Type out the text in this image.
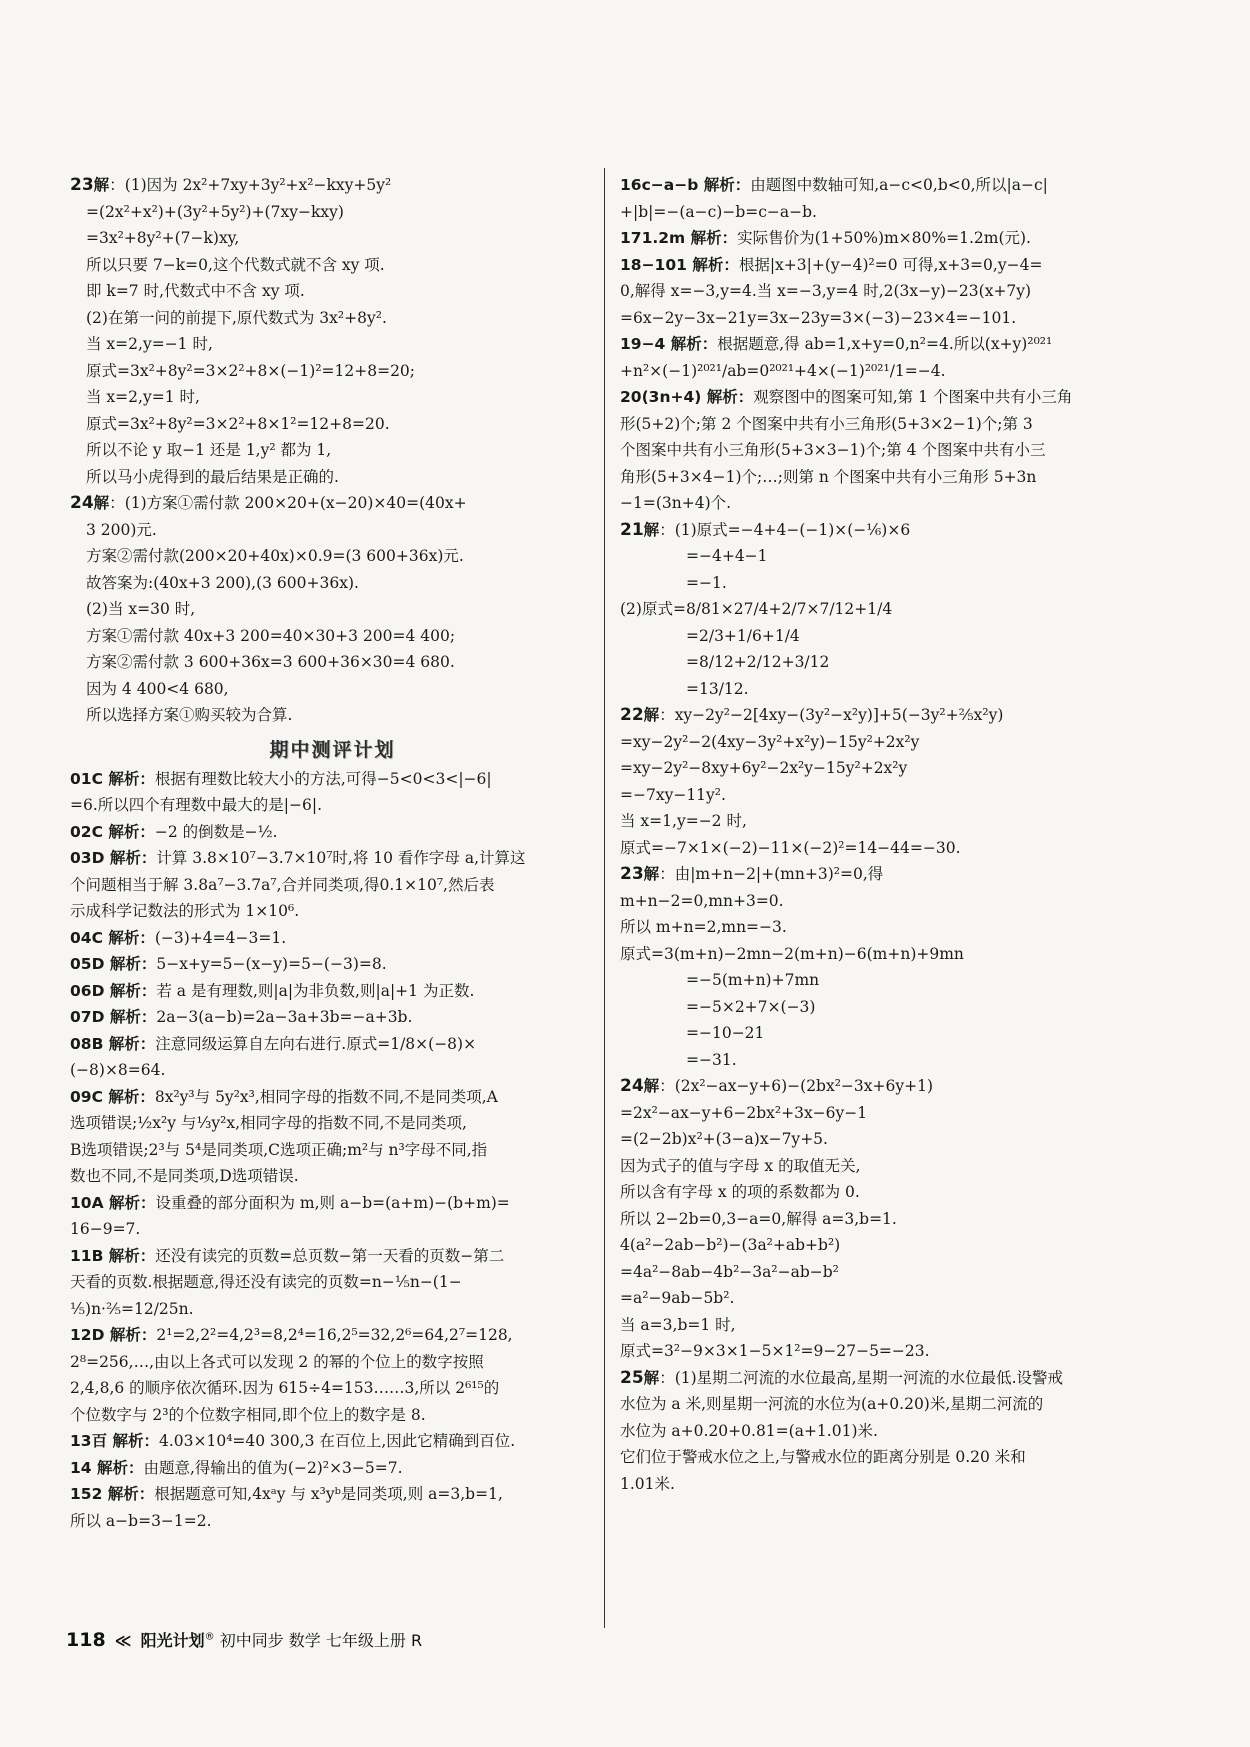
23解：(1)因为 2x²+7xy+3y²+x²−kxy+5y²
=(2x²+x²)+(3y²+5y²)+(7xy−kxy)
=3x²+8y²+(7−k)xy,
所以只要 7−k=0,这个代数式就不含 xy 项.
即 k=7 时,代数式中不含 xy 项.
(2)在第一问的前提下,原代数式为 3x²+8y².
当 x=2,y=−1 时,
原式=3x²+8y²=3×2²+8×(−1)²=12+8=20;
当 x=2,y=1 时,
原式=3x²+8y²=3×2²+8×1²=12+8=20.
所以不论 y 取−1 还是 1,y² 都为 1,
所以马小虎得到的最后结果是正确的.
24解：(1)方案①需付款 200×20+(x−20)×40=(40x+
3 200)元.
方案②需付款(200×20+40x)×0.9=(3 600+36x)元.
故答案为:(40x+3 200),(3 600+36x).
(2)当 x=30 时,
方案①需付款 40x+3 200=40×30+3 200=4 400;
方案②需付款 3 600+36x=3 600+36×30=4 680.
因为 4 400<4 680,
所以选择方案①购买较为合算.
期中测评计划
01C 解析：根据有理数比较大小的方法,可得−5<0<3<|−6|
=6.所以四个有理数中最大的是|−6|.
02C 解析：−2 的倒数是−½.
03D 解析：计算 3.8×10⁷−3.7×10⁷时,将 10 看作字母 a,计算这
个问题相当于解 3.8a⁷−3.7a⁷,合并同类项,得0.1×10⁷,然后表
示成科学记数法的形式为 1×10⁶.
04C 解析：(−3)+4=4−3=1.
05D 解析：5−x+y=5−(x−y)=5−(−3)=8.
06D 解析：若 a 是有理数,则|a|为非负数,则|a|+1 为正数.
07D 解析：2a−3(a−b)=2a−3a+3b=−a+3b.
08B 解析：注意同级运算自左向右进行.原式=1/8×(−8)×
(−8)×8=64.
09C 解析：8x²y³与 5y²x³,相同字母的指数不同,不是同类项,A
选项错误;½x²y 与⅓y²x,相同字母的指数不同,不是同类项,
B选项错误;2³与 5⁴是同类项,C选项正确;m²与 n³字母不同,指
数也不同,不是同类项,D选项错误.
10A 解析：设重叠的部分面积为 m,则 a−b=(a+m)−(b+m)=
16−9=7.
11B 解析：还没有读完的页数=总页数−第一天看的页数−第二
天看的页数.根据题意,得还没有读完的页数=n−⅕n−(1−
⅕)n·⅖=12/25n.
12D 解析：2¹=2,2²=4,2³=8,2⁴=16,2⁵=32,2⁶=64,2⁷=128,
2⁸=256,…,由以上各式可以发现 2 的幂的个位上的数字按照
2,4,8,6 的顺序依次循环.因为 615÷4=153……3,所以 2⁶¹⁵的
个位数字与 2³的个位数字相同,即个位上的数字是 8.
13百 解析：4.03×10⁴=40 300,3 在百位上,因此它精确到百位.
14 解析：由题意,得输出的值为(−2)²×3−5=7.
152 解析：根据题意可知,4xᵃy 与 x³yᵇ是同类项,则 a=3,b=1,
所以 a−b=3−1=2.
16c−a−b 解析：由题图中数轴可知,a−c<0,b<0,所以|a−c|
+|b|=−(a−c)−b=c−a−b.
171.2m 解析：实际售价为(1+50%)m×80%=1.2m(元).
18−101 解析：根据|x+3|+(y−4)²=0 可得,x+3=0,y−4=
0,解得 x=−3,y=4.当 x=−3,y=4 时,2(3x−y)−23(x+7y)
=6x−2y−3x−21y=3x−23y=3×(−3)−23×4=−101.
19−4 解析：根据题意,得 ab=1,x+y=0,n²=4.所以(x+y)²⁰²¹
+n²×(−1)²⁰²¹/ab=0²⁰²¹+4×(−1)²⁰²¹/1=−4.
20(3n+4) 解析：观察图中的图案可知,第 1 个图案中共有小三角
形(5+2)个;第 2 个图案中共有小三角形(5+3×2−1)个;第 3
个图案中共有小三角形(5+3×3−1)个;第 4 个图案中共有小三
角形(5+3×4−1)个;…;则第 n 个图案中共有小三角形 5+3n
−1=(3n+4)个.
21解：(1)原式=−4+4−(−1)×(−⅙)×6
=−4+4−1
=−1.
(2)原式=8/81×27/4+2/7×7/12+1/4
=2/3+1/6+1/4
=8/12+2/12+3/12
=13/12.
22解：xy−2y²−2[4xy−(3y²−x²y)]+5(−3y²+⅖x²y)
=xy−2y²−2(4xy−3y²+x²y)−15y²+2x²y
=xy−2y²−8xy+6y²−2x²y−15y²+2x²y
=−7xy−11y².
当 x=1,y=−2 时,
原式=−7×1×(−2)−11×(−2)²=14−44=−30.
23解：由|m+n−2|+(mn+3)²=0,得
m+n−2=0,mn+3=0.
所以 m+n=2,mn=−3.
原式=3(m+n)−2mn−2(m+n)−6(m+n)+9mn
=−5(m+n)+7mn
=−5×2+7×(−3)
=−10−21
=−31.
24解：(2x²−ax−y+6)−(2bx²−3x+6y+1)
=2x²−ax−y+6−2bx²+3x−6y−1
=(2−2b)x²+(3−a)x−7y+5.
因为式子的值与字母 x 的取值无关,
所以含有字母 x 的项的系数都为 0.
所以 2−2b=0,3−a=0,解得 a=3,b=1.
4(a²−2ab−b²)−(3a²+ab+b²)
=4a²−8ab−4b²−3a²−ab−b²
=a²−9ab−5b².
当 a=3,b=1 时,
原式=3²−9×3×1−5×1²=9−27−5=−23.
25解：(1)星期二河流的水位最高,星期一河流的水位最低.设警戒
水位为 a 米,则星期一河流的水位为(a+0.20)米,星期二河流的
水位为 a+0.20+0.81=(a+1.01)米.
它们位于警戒水位之上,与警戒水位的距离分别是 0.20 米和
1.01米.
118 ≪ 阳光计划® 初中同步 数学 七年级上册 R
